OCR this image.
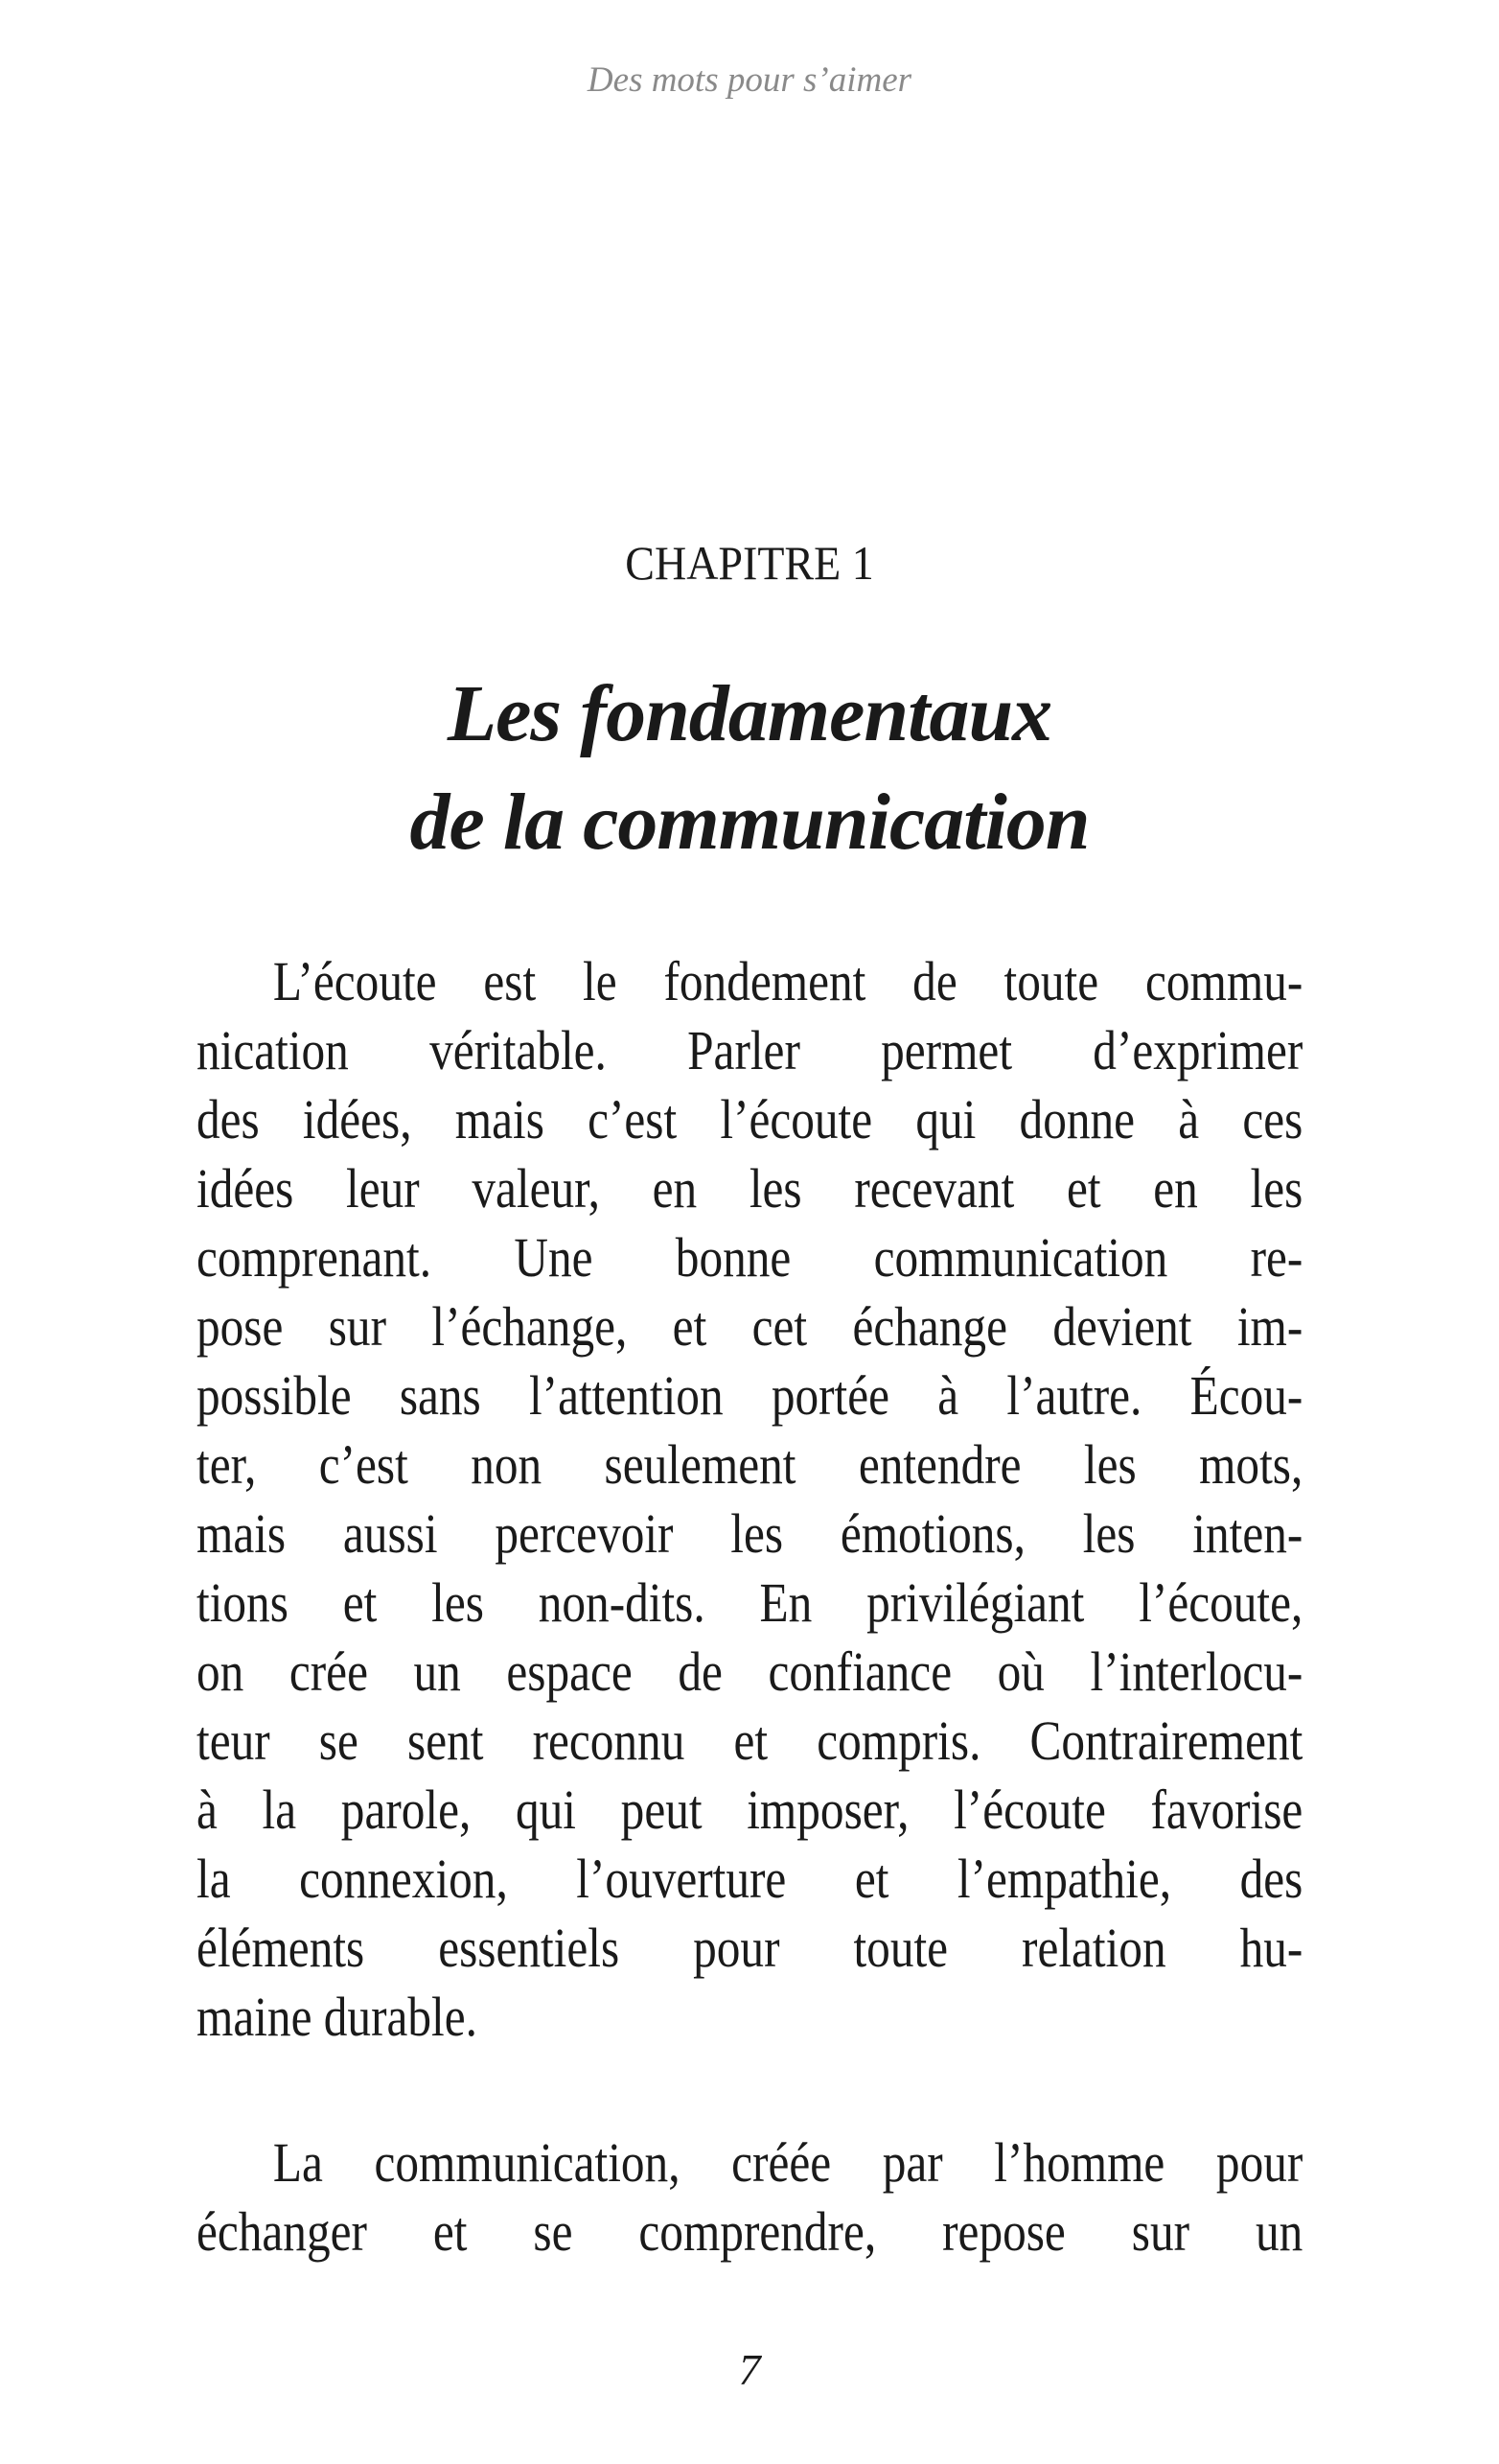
Des mots pour s’aimer
CHAPITRE 1
Les fondamentaux
de la communication
L’écoute est le fondement de toute commu-
nication véritable. Parler permet d’exprimer
des idées, mais c’est l’écoute qui donne à ces
idées leur valeur, en les recevant et en les
comprenant. Une bonne communication re-
pose sur l’échange, et cet échange devient im-
possible sans l’attention portée à l’autre. Écou-
ter, c’est non seulement entendre les mots,
mais aussi percevoir les émotions, les inten-
tions et les non-dits. En privilégiant l’écoute,
on crée un espace de confiance où l’interlocu-
teur se sent reconnu et compris. Contrairement
à la parole, qui peut imposer, l’écoute favorise
la connexion, l’ouverture et l’empathie, des
éléments essentiels pour toute relation hu-
maine durable.
La communication, créée par l’homme pour
échanger et se comprendre, repose sur un
7
